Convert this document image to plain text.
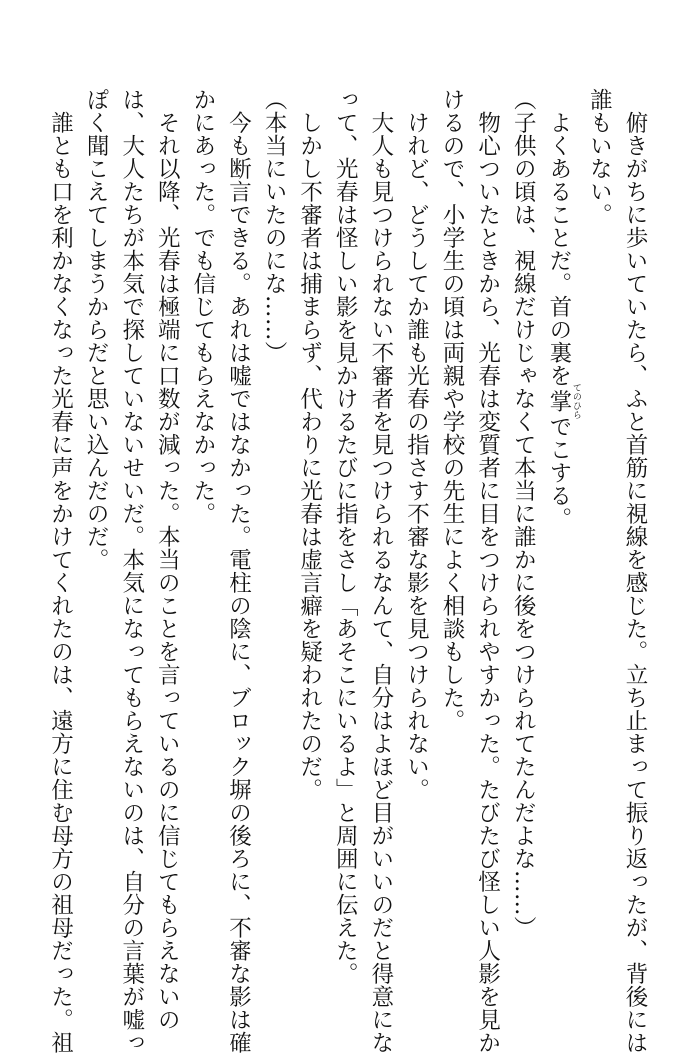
　俯きがちに歩いていたら、ふと首筋に視線を感じた。立ち止まって振り返ったが、背後には
誰もいない。
　よくあることだ。首の裏を掌 てのひらでこする。
（子供の頃は、視線だけじゃなくて本当に誰かに後をつけられてたんだよな……）
　物心ついたときから、光春は変質者に目をつけられやすかった。たびたび怪しい人影を見か
けるので、小学生の頃は両親や学校の先生によく相談もした。
　けれど、どうしてか誰も光春の指さす不審な影を見つけられない。
　大人も見つけられない不審者を見つけられるなんて、自分はよほど目がいいのだと得意にな
って、光春は怪しい影を見かけるたびに指をさし「あそこにいるよ」と周囲に伝えた。
　しかし不審者は捕まらず、代わりに光春は虚言癖を疑われたのだ。
（本当にいたのにな……）
　今も断言できる。あれは嘘ではなかった。電柱の陰に、ブロック塀の後ろに、不審な影は確
かにあった。でも信じてもらえなかった。
　それ以降、光春は極端に口数が減った。本当のことを言っているのに信じてもらえないの
は、大人たちが本気で探していないせいだ。本気になってもらえないのは、自分の言葉が嘘っ
ぽく聞こえてしまうからだと思い込んだのだ。
　誰とも口を利かなくなった光春に声をかけてくれたのは、遠方に住む母方の祖母だった。祖
